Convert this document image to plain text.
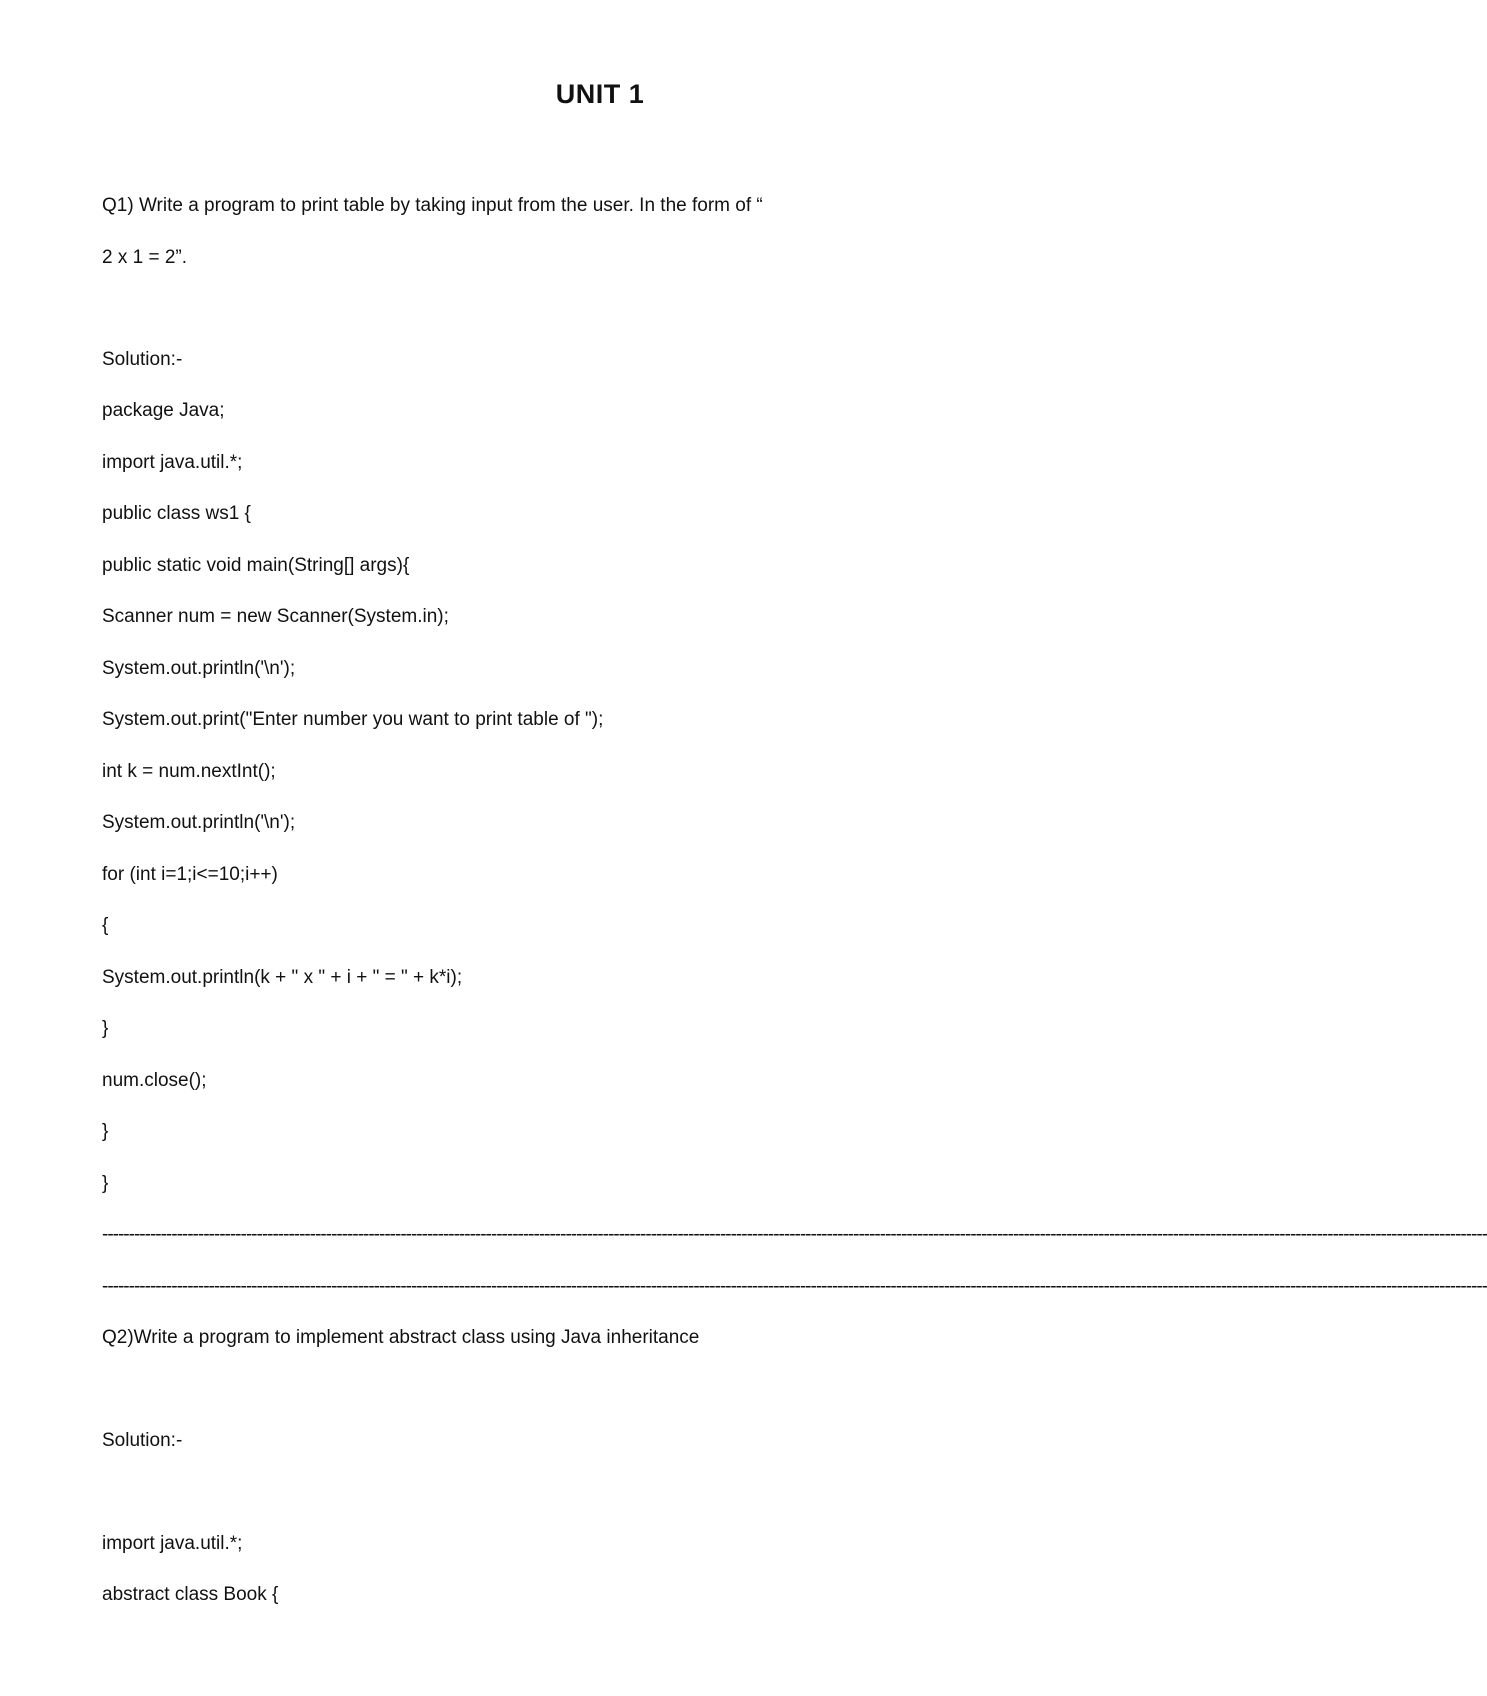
UNIT 1
Q1) Write a program to print table by taking input from the user. In the form of “
2 x 1 = 2”.
Solution:-
package Java;
import java.util.*;
public class ws1 {
public static void main(String[] args){
Scanner num = new Scanner(System.in);
System.out.println('\n');
System.out.print("Enter number you want to print table of ");
int k = num.nextInt();
System.out.println('\n');
for (int i=1;i<=10;i++)
{
System.out.println(k + " x " + i + " = " + k*i);
}
num.close();
}
}
--------------------------------------------------------------------------------------------------------------------------------------------------------------------------------------------------------------------------------------------------------------------
--------------------------------------------------------------------------------------------------------------------------------------------------------------------------------------------------------------------------------------------------------------------
Q2)Write a program to implement abstract class using Java inheritance
Solution:-
import java.util.*;
abstract class Book {
